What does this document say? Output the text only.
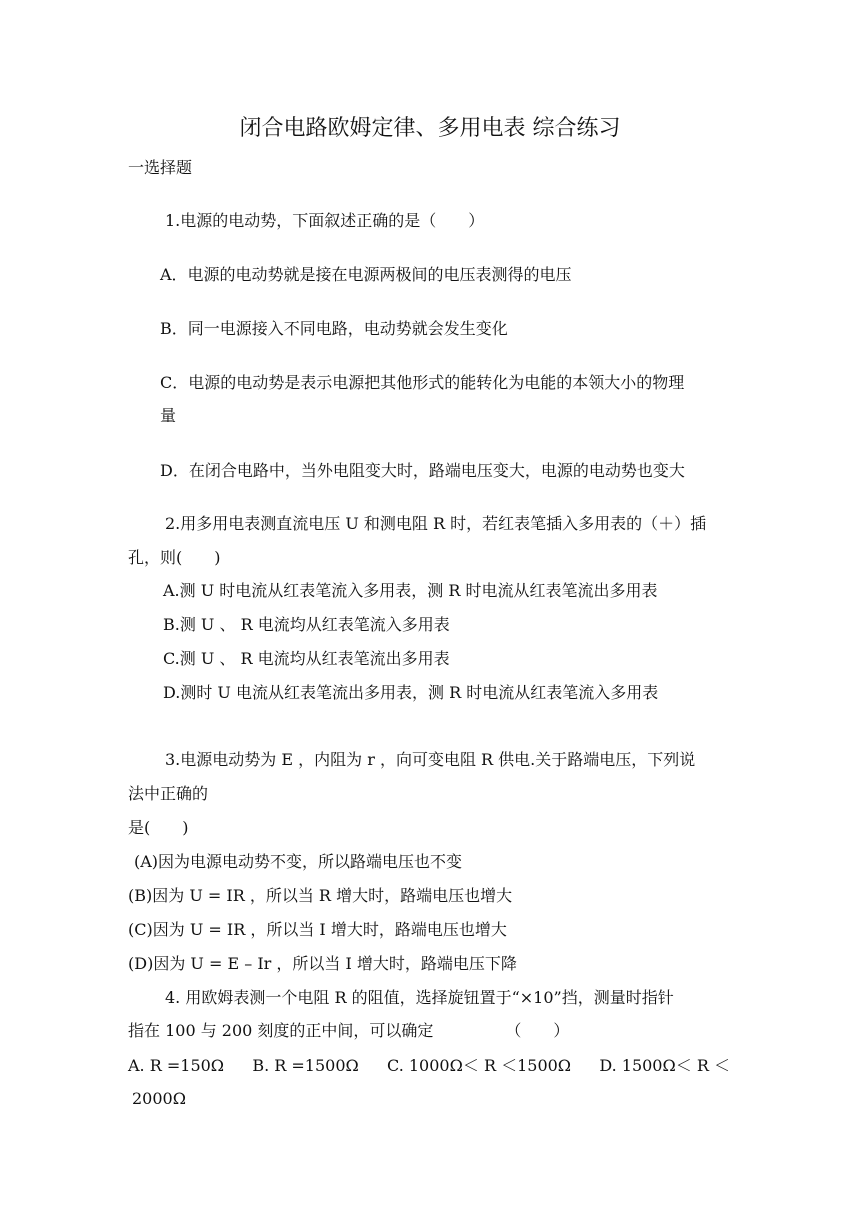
闭合电路欧姆定律、多用电表 综合练习
一选择题
1.电源的电动势，下面叙述正确的是（　　）
A．电源的电动势就是接在电源两极间的电压表测得的电压
B．同一电源接入不同电路，电动势就会发生变化
C．电源的电动势是表示电源把其他形式的能转化为电能的本领大小的物理
量
D．在闭合电路中，当外电阻变大时，路端电压变大，电源的电动势也变大
2.用多用电表测直流电压 U 和测电阻 R 时，若红表笔插入多用表的（＋）插
孔，则(　　)
A.测 U 时电流从红表笔流入多用表，测 R 时电流从红表笔流出多用表
B.测 U 、 R 电流均从红表笔流入多用表
C.测 U 、 R 电流均从红表笔流出多用表
D.测时 U 电流从红表笔流出多用表，测 R 时电流从红表笔流入多用表
3.电源电动势为 E ，内阻为 r ，向可变电阻 R 供电.关于路端电压，下列说
法中正确的
是(　　)
(A)因为电源电动势不变，所以路端电压也不变
(B)因为 U = IR ，所以当 R 增大时，路端电压也增大
(C)因为 U = IR ，所以当 I 增大时，路端电压也增大
(D)因为 U = E – Ir ，所以当 I 增大时，路端电压下降
4. 用欧姆表测一个电阻 R 的阻值，选择旋钮置于“×10”挡，测量时指针
指在 100 与 200 刻度的正中间，可以确定　　　　　（　　）
A. R =150Ω B. R =1500Ω C. 1000Ω＜ R ＜1500Ω D. 1500Ω＜ R ＜
2000Ω
